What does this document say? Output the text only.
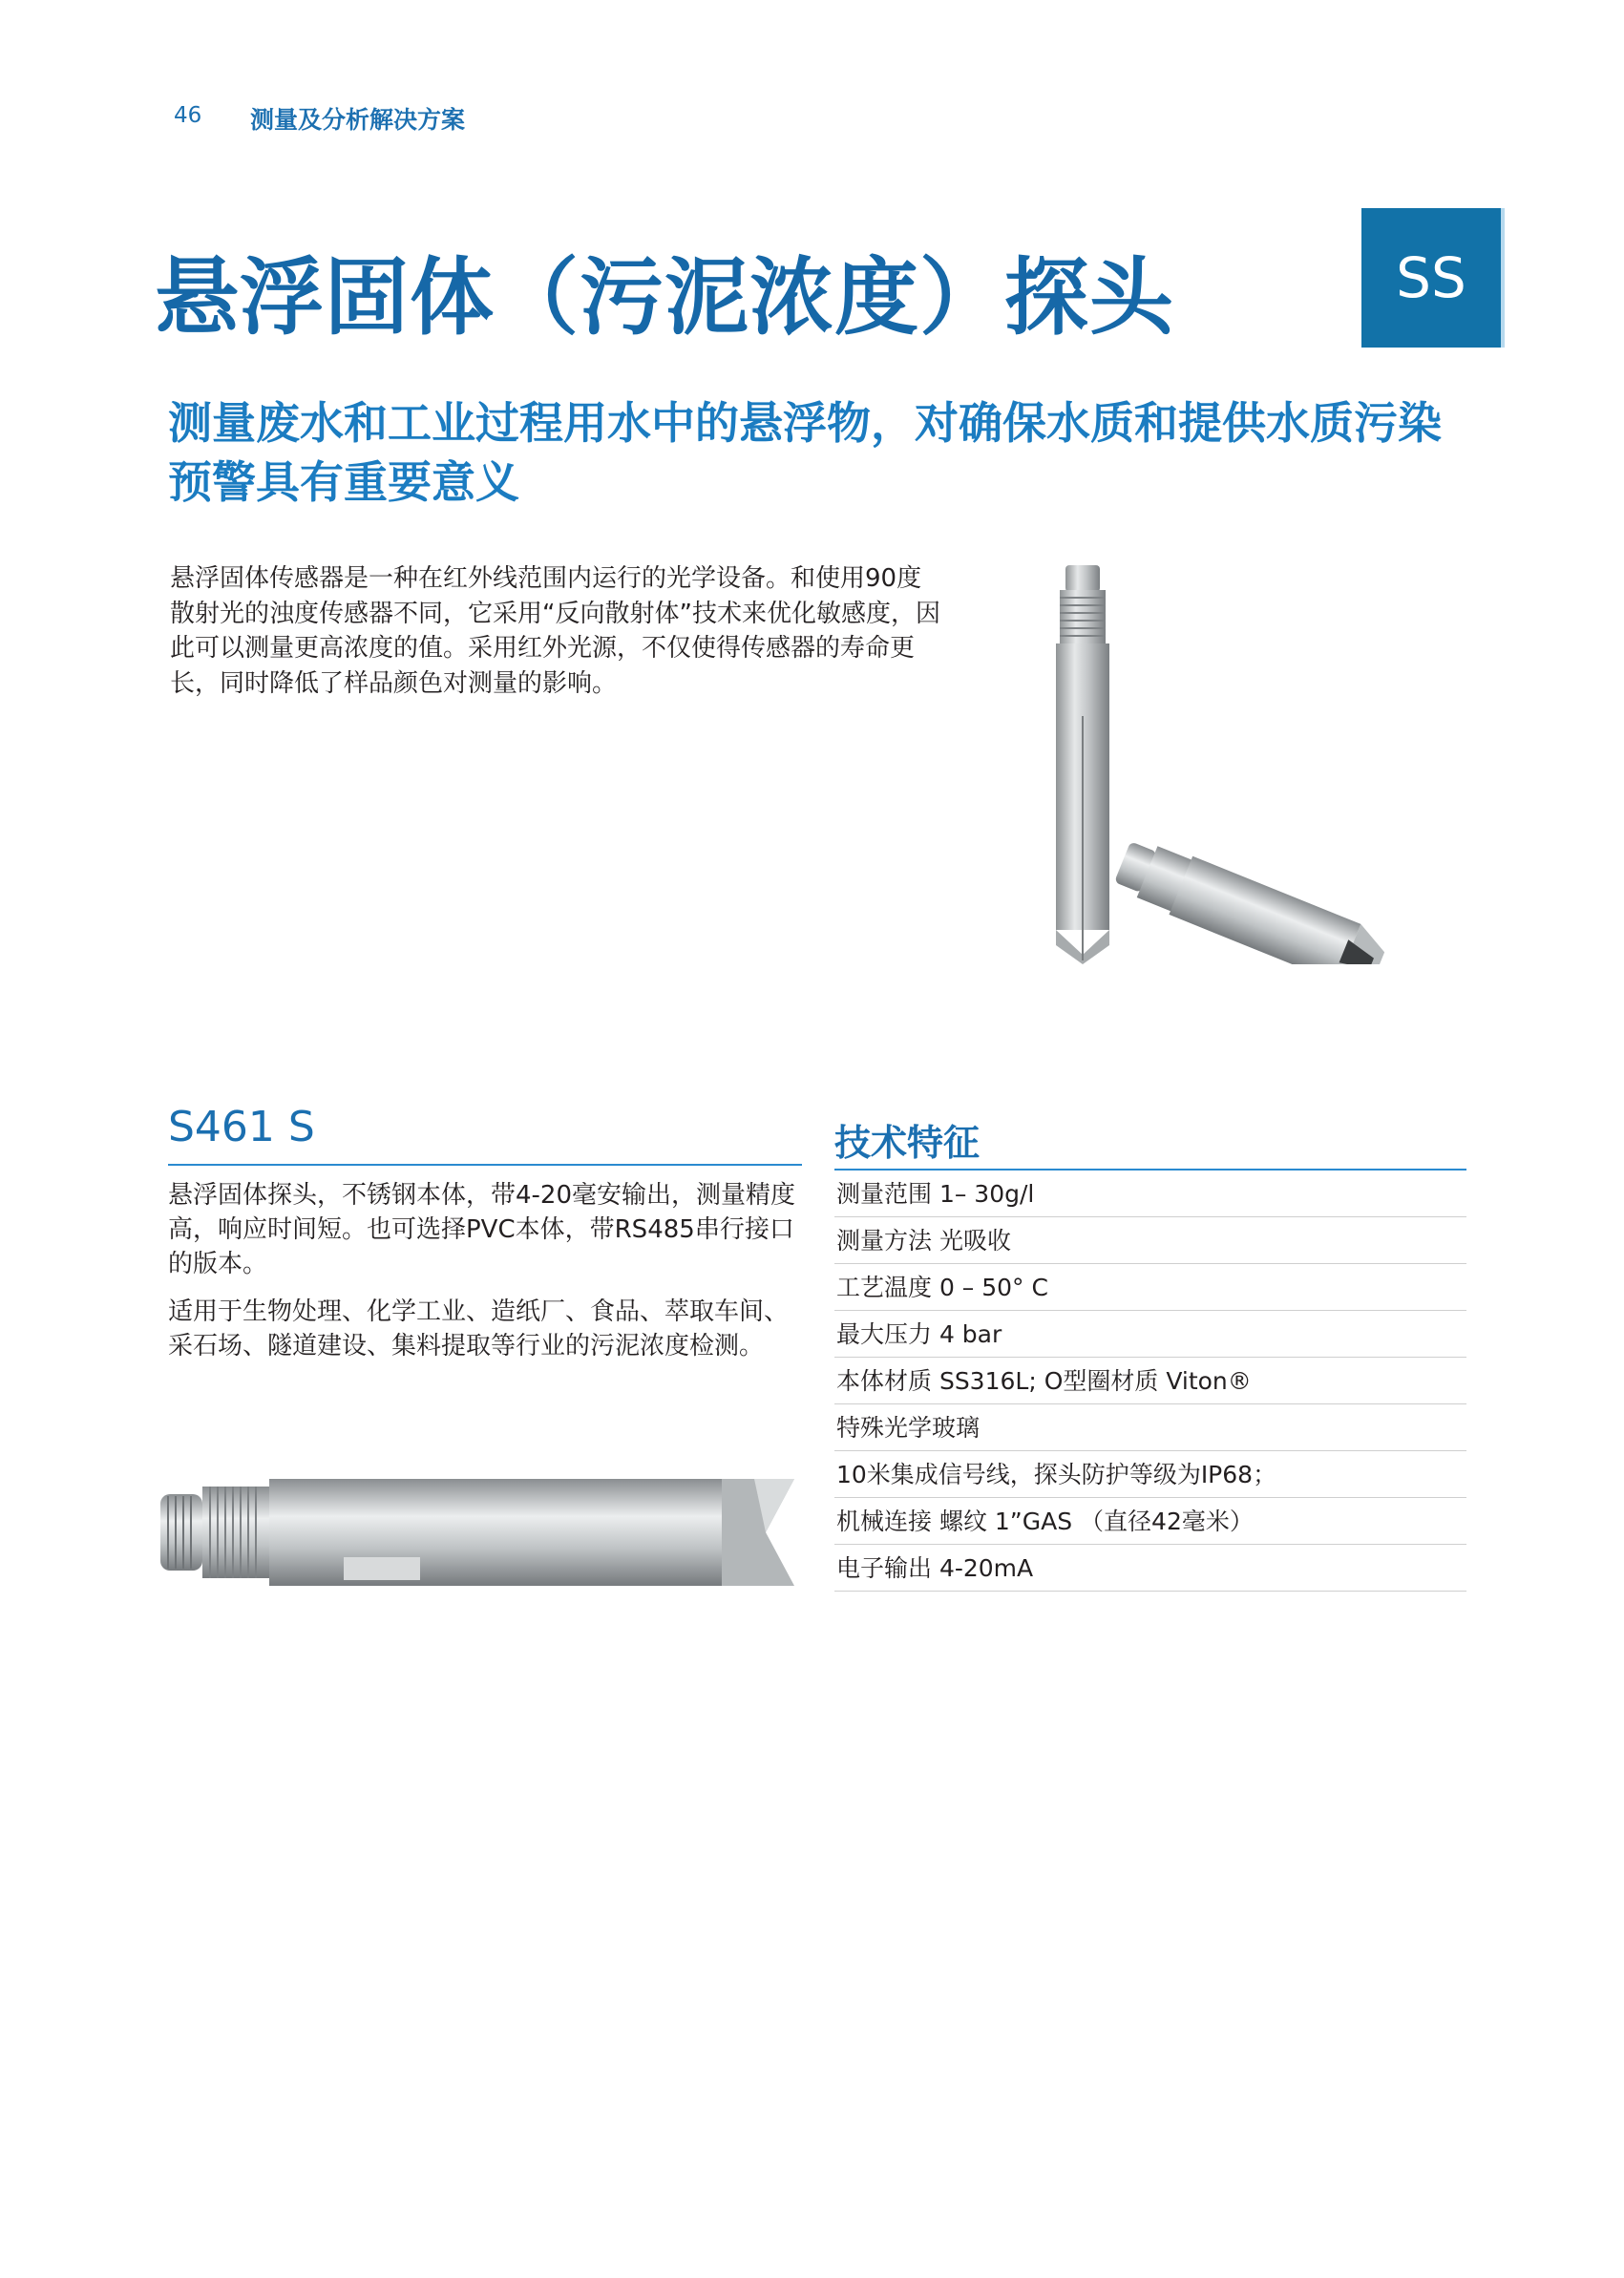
46 测量及分析解决方案
悬浮固体（污泥浓度）探头	SS
测量废水和工业过程用水中的悬浮物，对确保水质和提供水质污染预警具有重要意义
悬浮固体传感器是一种在红外线范围内运行的光学设备。和使用90度散射光的浊度传感器不同，它采用“反向散射体”技术来优化敏感度，因此可以测量更高浓度的值。采用红外光源，不仅使得传感器的寿命更长，同时降低了样品颜色对测量的影响。
S461 S

悬浮固体探头，不锈钢本体，带4-20毫安输出，测量精度高，响应时间短。也可选择PVC本体，带RS485串行接口的版本。

适用于生物处理、化学工业、造纸厂、食品、萃取车间、采石场、隧道建设、集料提取等行业的污泥浓度检测。

技术特征
测量范围 1– 30g/l
测量方法 光吸收
工艺温度 0 – 50° C
最大压力 4 bar
本体材质 SS316L; O型圈材质 Viton®
特殊光学玻璃
10米集成信号线，探头防护等级为IP68；
机械连接 螺纹 1”GAS （直径42毫米）
电子输出 4-20mA
